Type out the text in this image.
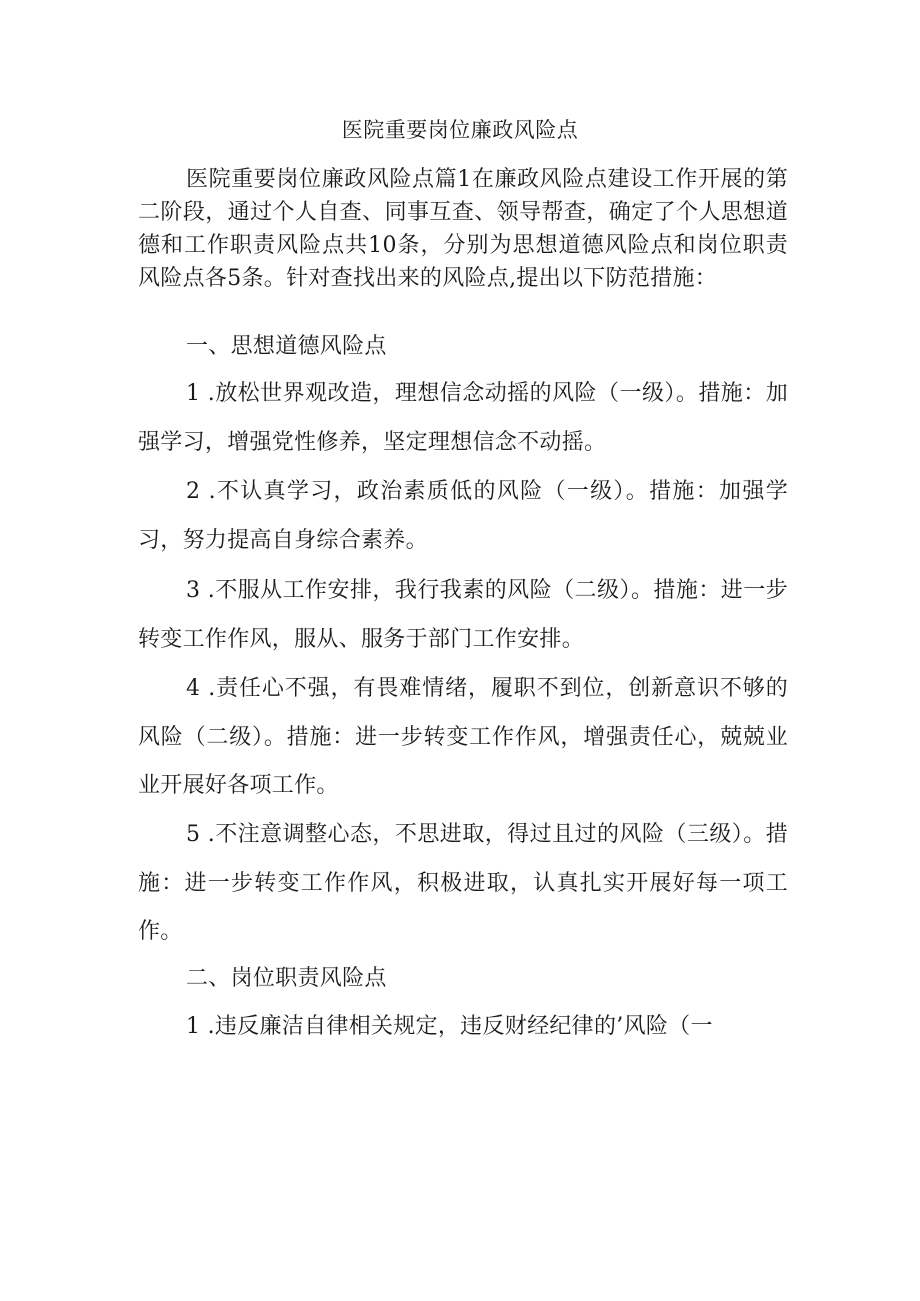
医院重要岗位廉政风险点

医院重要岗位廉政风险点篇1在廉政风险点建设工作开展的第二阶段，通过个人自查、同事互查、领导帮查，确定了个人思想道德和工作职责风险点共10条，分别为思想道德风险点和岗位职责风险点各5条。针对查找出来的风险点,提出以下防范措施：

一、思想道德风险点

1 .放松世界观改造，理想信念动摇的风险（一级）。措施：加强学习，增强党性修养，坚定理想信念不动摇。

2 .不认真学习，政治素质低的风险（一级）。措施：加强学习，努力提高自身综合素养。

3 .不服从工作安排，我行我素的风险（二级）。措施：进一步转变工作作风，服从、服务于部门工作安排。

4 .责任心不强，有畏难情绪，履职不到位，创新意识不够的风险（二级）。措施：进一步转变工作作风，增强责任心，兢兢业业开展好各项工作。

5 .不注意调整心态，不思进取，得过且过的风险（三级）。措施：进一步转变工作作风，积极进取，认真扎实开展好每一项工作。

二、岗位职责风险点

1 .违反廉洁自律相关规定，违反财经纪律的’风险（一
